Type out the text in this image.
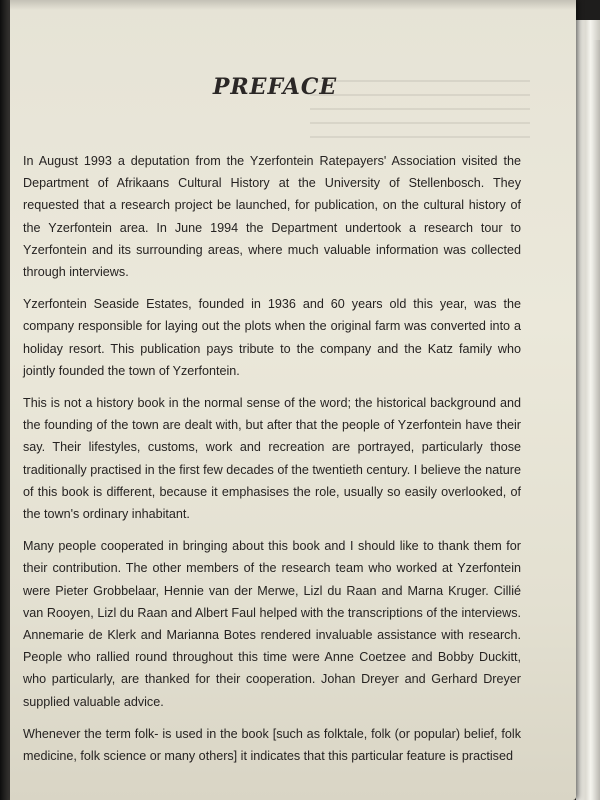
PREFACE

In August 1993 a deputation from the Yzerfontein Ratepayers' Association visited the Department of Afrikaans Cultural History at the University of Stellenbosch. They requested that a research project be launched, for publication, on the cultural history of the Yzerfontein area. In June 1994 the Department undertook a research tour to Yzerfontein and its surrounding areas, where much valuable information was collected through interviews.

Yzerfontein Seaside Estates, founded in 1936 and 60 years old this year, was the company responsible for laying out the plots when the original farm was converted into a holiday resort. This publication pays tribute to the company and the Katz family who jointly founded the town of Yzerfontein.

This is not a history book in the normal sense of the word; the historical background and the founding of the town are dealt with, but after that the people of Yzerfontein have their say. Their lifestyles, customs, work and recreation are portrayed, particularly those traditionally practised in the first few decades of the twentieth century. I believe the nature of this book is different, because it emphasises the role, usually so easily overlooked, of the town's ordinary inhabitant.

Many people cooperated in bringing about this book and I should like to thank them for their contribution. The other members of the research team who worked at Yzerfontein were Pieter Grobbelaar, Hennie van der Merwe, Lizl du Raan and Marna Kruger. Cillié van Rooyen, Lizl du Raan and Albert Faul helped with the transcriptions of the interviews. Annemarie de Klerk and Marianna Botes rendered invaluable assistance with research. People who rallied round throughout this time were Anne Coetzee and Bobby Duckitt, who particularly, are thanked for their cooperation. Johan Dreyer and Gerhard Dreyer supplied valuable advice.

Whenever the term folk- is used in the book [such as folktale, folk (or popular) belief, folk medicine, folk science or many others] it indicates that this particular feature is practised
